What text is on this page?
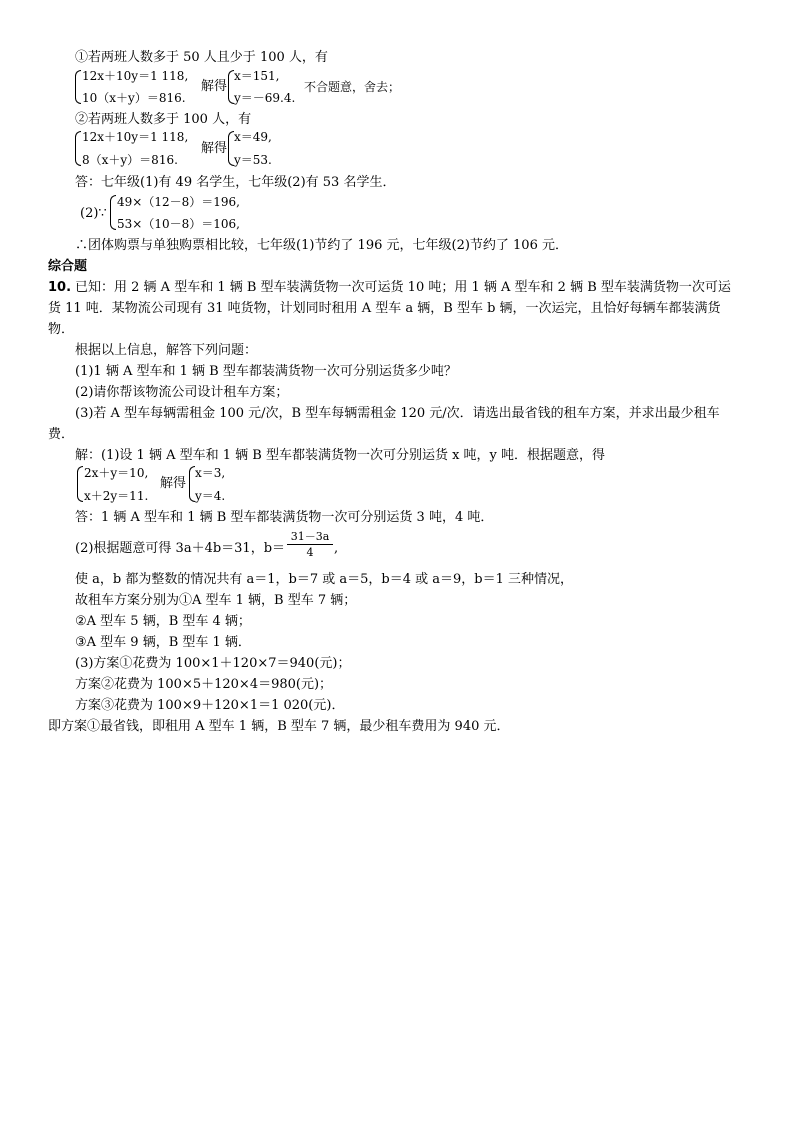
①若两班人数多于 50 人且少于 100 人，有
12x＋10y＝1 118,
10（x＋y）＝816.
解得
x＝151,
y＝－69.4.
不合题意，舍去；
②若两班人数多于 100 人，有
12x＋10y＝1 118,
8（x＋y）＝816.
解得
x＝49,
y＝53.
答：七年级(1)有 49 名学生，七年级(2)有 53 名学生．
(2)∵
49×（12－8）＝196,
53×（10－8）＝106,
∴团体购票与单独购票相比较，七年级(1)节约了 196 元，七年级(2)节约了 106 元．
综合题
10. 已知：用 2 辆 A 型车和 1 辆 B 型车装满货物一次可运货 10 吨；用 1 辆 A 型车和 2 辆 B 型车装满货物一次可运
货 11 吨．某物流公司现有 31 吨货物，计划同时租用 A 型车 a 辆，B 型车 b 辆，一次运完，且恰好每辆车都装满货
物．
根据以上信息，解答下列问题：
(1)1 辆 A 型车和 1 辆 B 型车都装满货物一次可分别运货多少吨？
(2)请你帮该物流公司设计租车方案；
(3)若 A 型车每辆需租金 100 元/次，B 型车每辆需租金 120 元/次．请选出最省钱的租车方案，并求出最少租车
费．
解：(1)设 1 辆 A 型车和 1 辆 B 型车都装满货物一次可分别运货 x 吨，y 吨．根据题意，得
2x＋y＝10,
x＋2y＝11.
解得
x＝3,
y＝4.
答：1 辆 A 型车和 1 辆 B 型车都装满货物一次可分别运货 3 吨，4 吨．
(2)根据题意可得 3a＋4b＝31，b＝
31－3a
4	,
使 a，b 都为整数的情况共有 a＝1，b＝7 或 a＝5，b＝4 或 a＝9，b＝1 三种情况，
故租车方案分别为①A 型车 1 辆，B 型车 7 辆；
②A 型车 5 辆，B 型车 4 辆；
③A 型车 9 辆，B 型车 1 辆．
(3)方案①花费为 100×1＋120×7＝940(元)；
方案②花费为 100×5＋120×4＝980(元)；
方案③花费为 100×9＋120×1＝1 020(元)．
即方案①最省钱，即租用 A 型车 1 辆，B 型车 7 辆，最少租车费用为 940 元．
